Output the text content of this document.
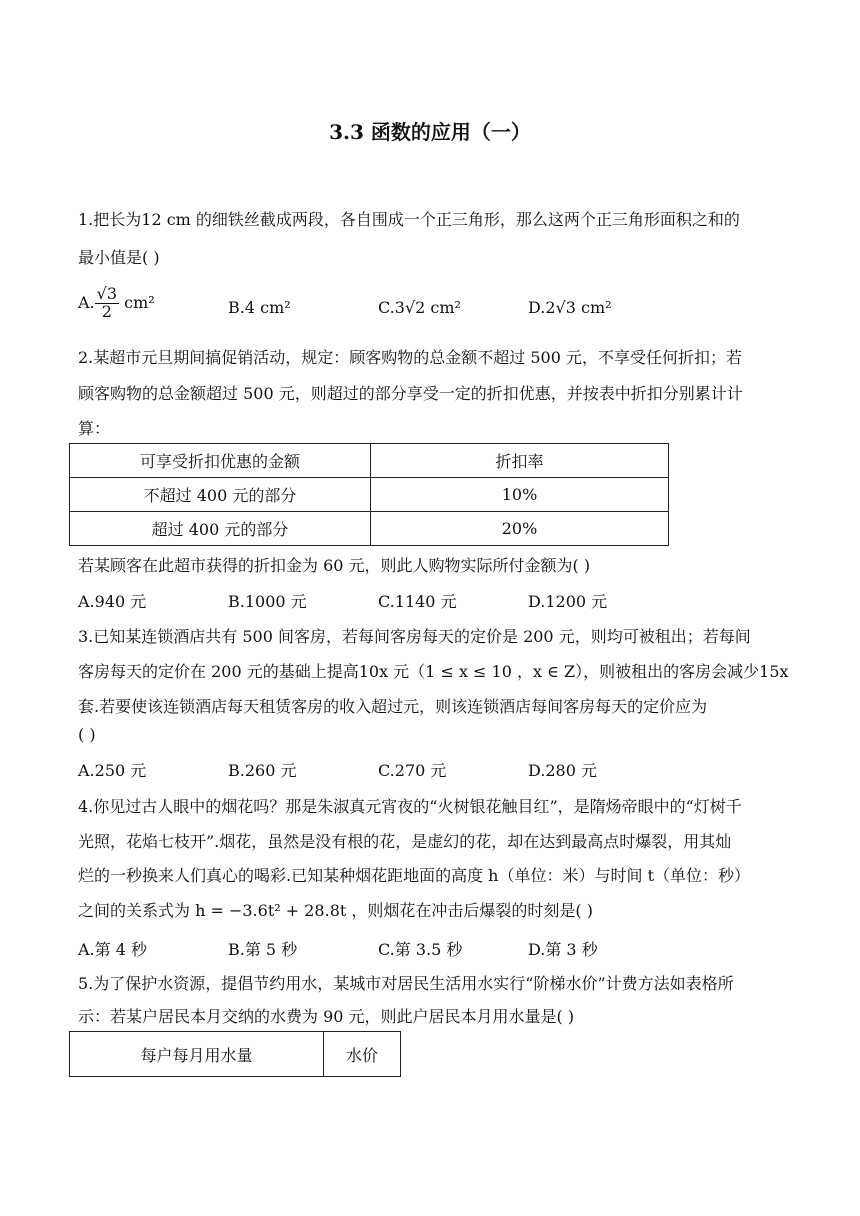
3.3 函数的应用（一）
1.把长为12 cm 的细铁丝截成两段，各自围成一个正三角形，那么这两个正三角形面积之和的
最小值是( )
A. $\frac{√3}{2} cm^2$	B.4 cm²	C.3√2 cm²	D.2√3 cm²
2.某超市元旦期间搞促销活动，规定：顾客购物的总金额不超过 500 元，不享受任何折扣；若
顾客购物的总金额超过 500 元，则超过的部分享受一定的折扣优惠，并按表中折扣分别累计计
算：
可享受折扣优惠的金额	折扣率
不超过 400 元的部分	10%
超过 400 元的部分	20%
若某顾客在此超市获得的折扣金为 60 元，则此人购物实际所付金额为( )
A.940 元	B.1000 元	C.1140 元	D.1200 元
3.已知某连锁酒店共有 500 间客房，若每间客房每天的定价是 200 元，则均可被租出；若每间
客房每天的定价在 200 元的基础上提高10x 元（1 ≤ x ≤ 10 ，x ∈ Z），则被租出的客房会减少15x
套.若要使该连锁酒店每天租赁客房的收入超过元，则该连锁酒店每间客房每天的定价应为
( )
A.250 元	B.260 元	C.270 元	D.280 元
4.你见过古人眼中的烟花吗？那是朱淑真元宵夜的“火树银花触目红”，是隋炀帝眼中的“灯树千
光照，花焰七枝开”.烟花，虽然是没有根的花，是虚幻的花，却在达到最高点时爆裂，用其灿
烂的一秒换来人们真心的喝彩.已知某种烟花距地面的高度 h（单位：米）与时间 t（单位：秒）
之间的关系式为 h = −3.6t² + 28.8t ，则烟花在冲击后爆裂的时刻是( )
A.第 4 秒	B.第 5 秒	C.第 3.5 秒	D.第 3 秒
5.为了保护水资源，提倡节约用水，某城市对居民生活用水实行“阶梯水价”计费方法如表格所
示：若某户居民本月交纳的水费为 90 元，则此户居民本月用水量是( )
每户每月用水量	水价
